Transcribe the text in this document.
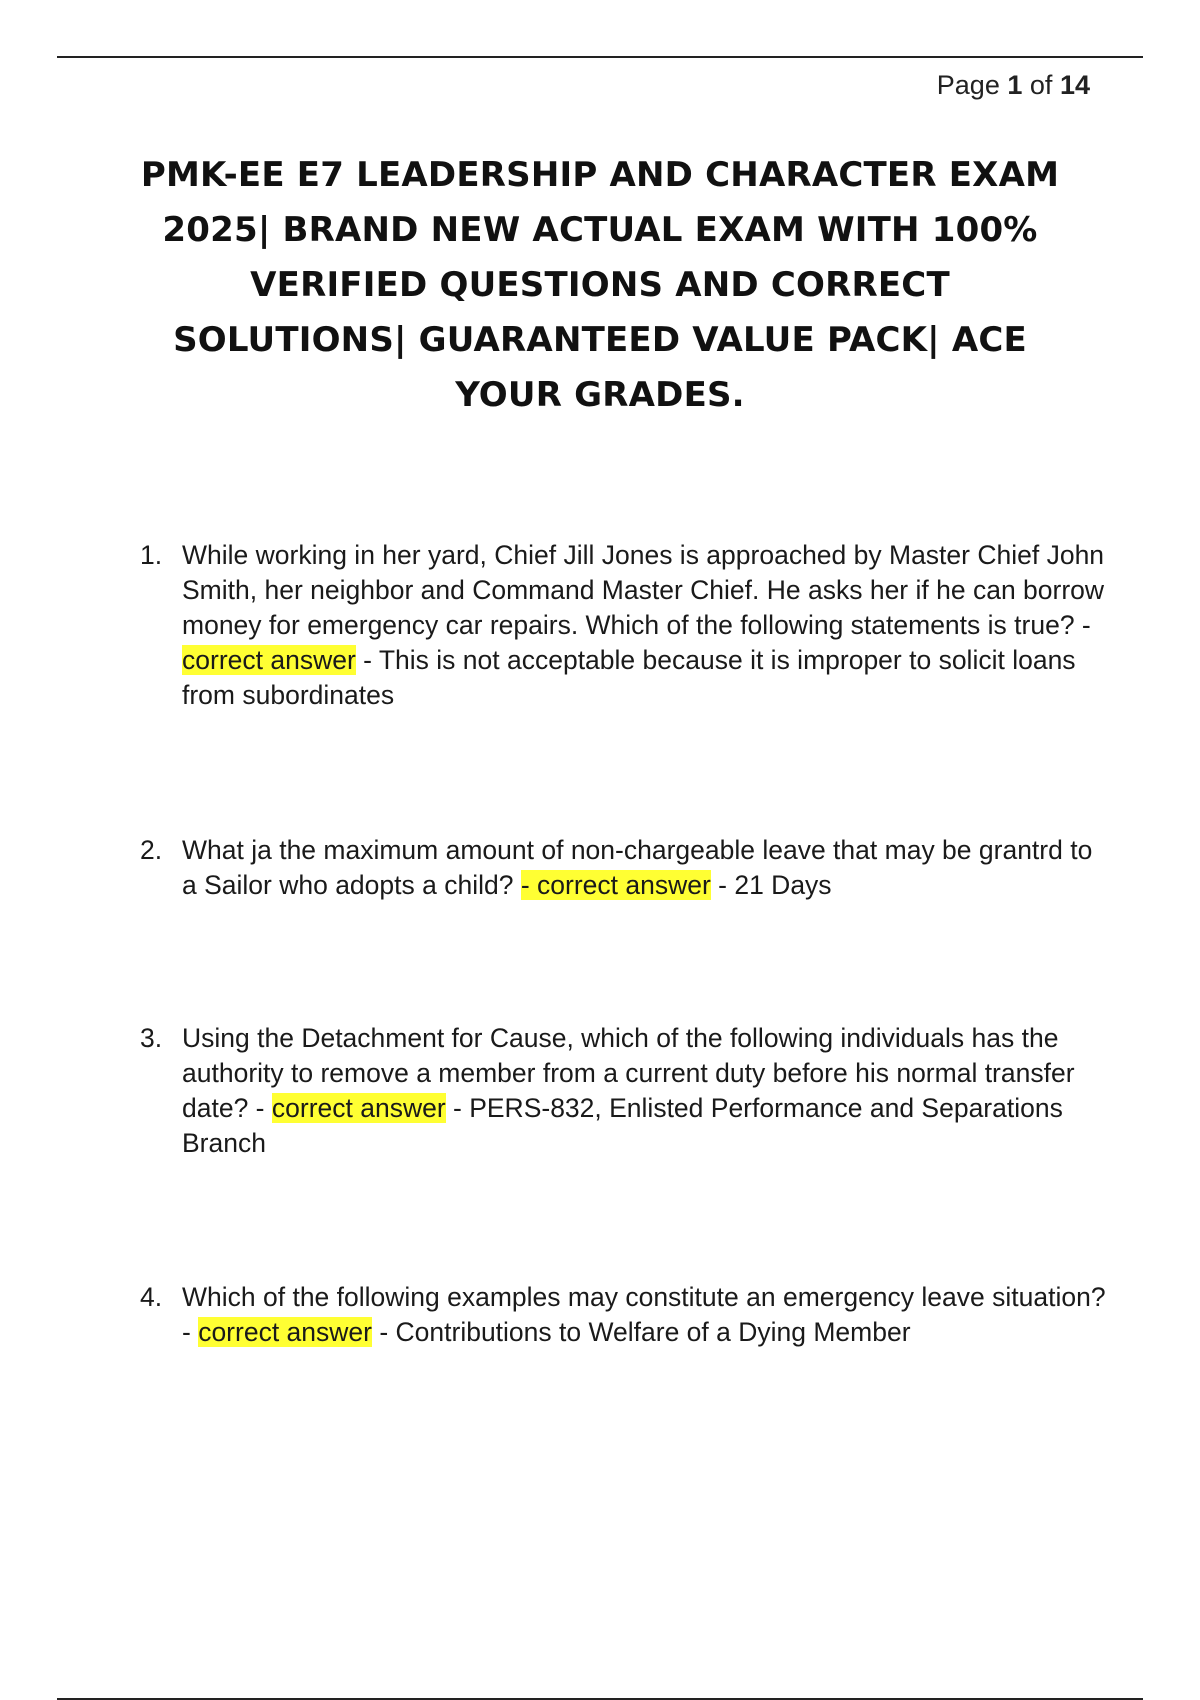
Page 1 of 14
PMK-EE E7 LEADERSHIP AND CHARACTER EXAM 2025| BRAND NEW ACTUAL EXAM WITH 100% VERIFIED QUESTIONS AND CORRECT SOLUTIONS| GUARANTEED VALUE PACK| ACE YOUR GRADES.
1. While working in her yard, Chief Jill Jones is approached by Master Chief John Smith, her neighbor and Command Master Chief. He asks her if he can borrow money for emergency car repairs. Which of the following statements is true? - correct answer - This is not acceptable because it is improper to solicit loans from subordinates
2. What ja the maximum amount of non-chargeable leave that may be grantrd to a Sailor who adopts a child? - correct answer - 21 Days
3. Using the Detachment for Cause, which of the following individuals has the authority to remove a member from a current duty before his normal transfer date? - correct answer - PERS-832, Enlisted Performance and Separations Branch
4. Which of the following examples may constitute an emergency leave situation? - correct answer - Contributions to Welfare of a Dying Member
